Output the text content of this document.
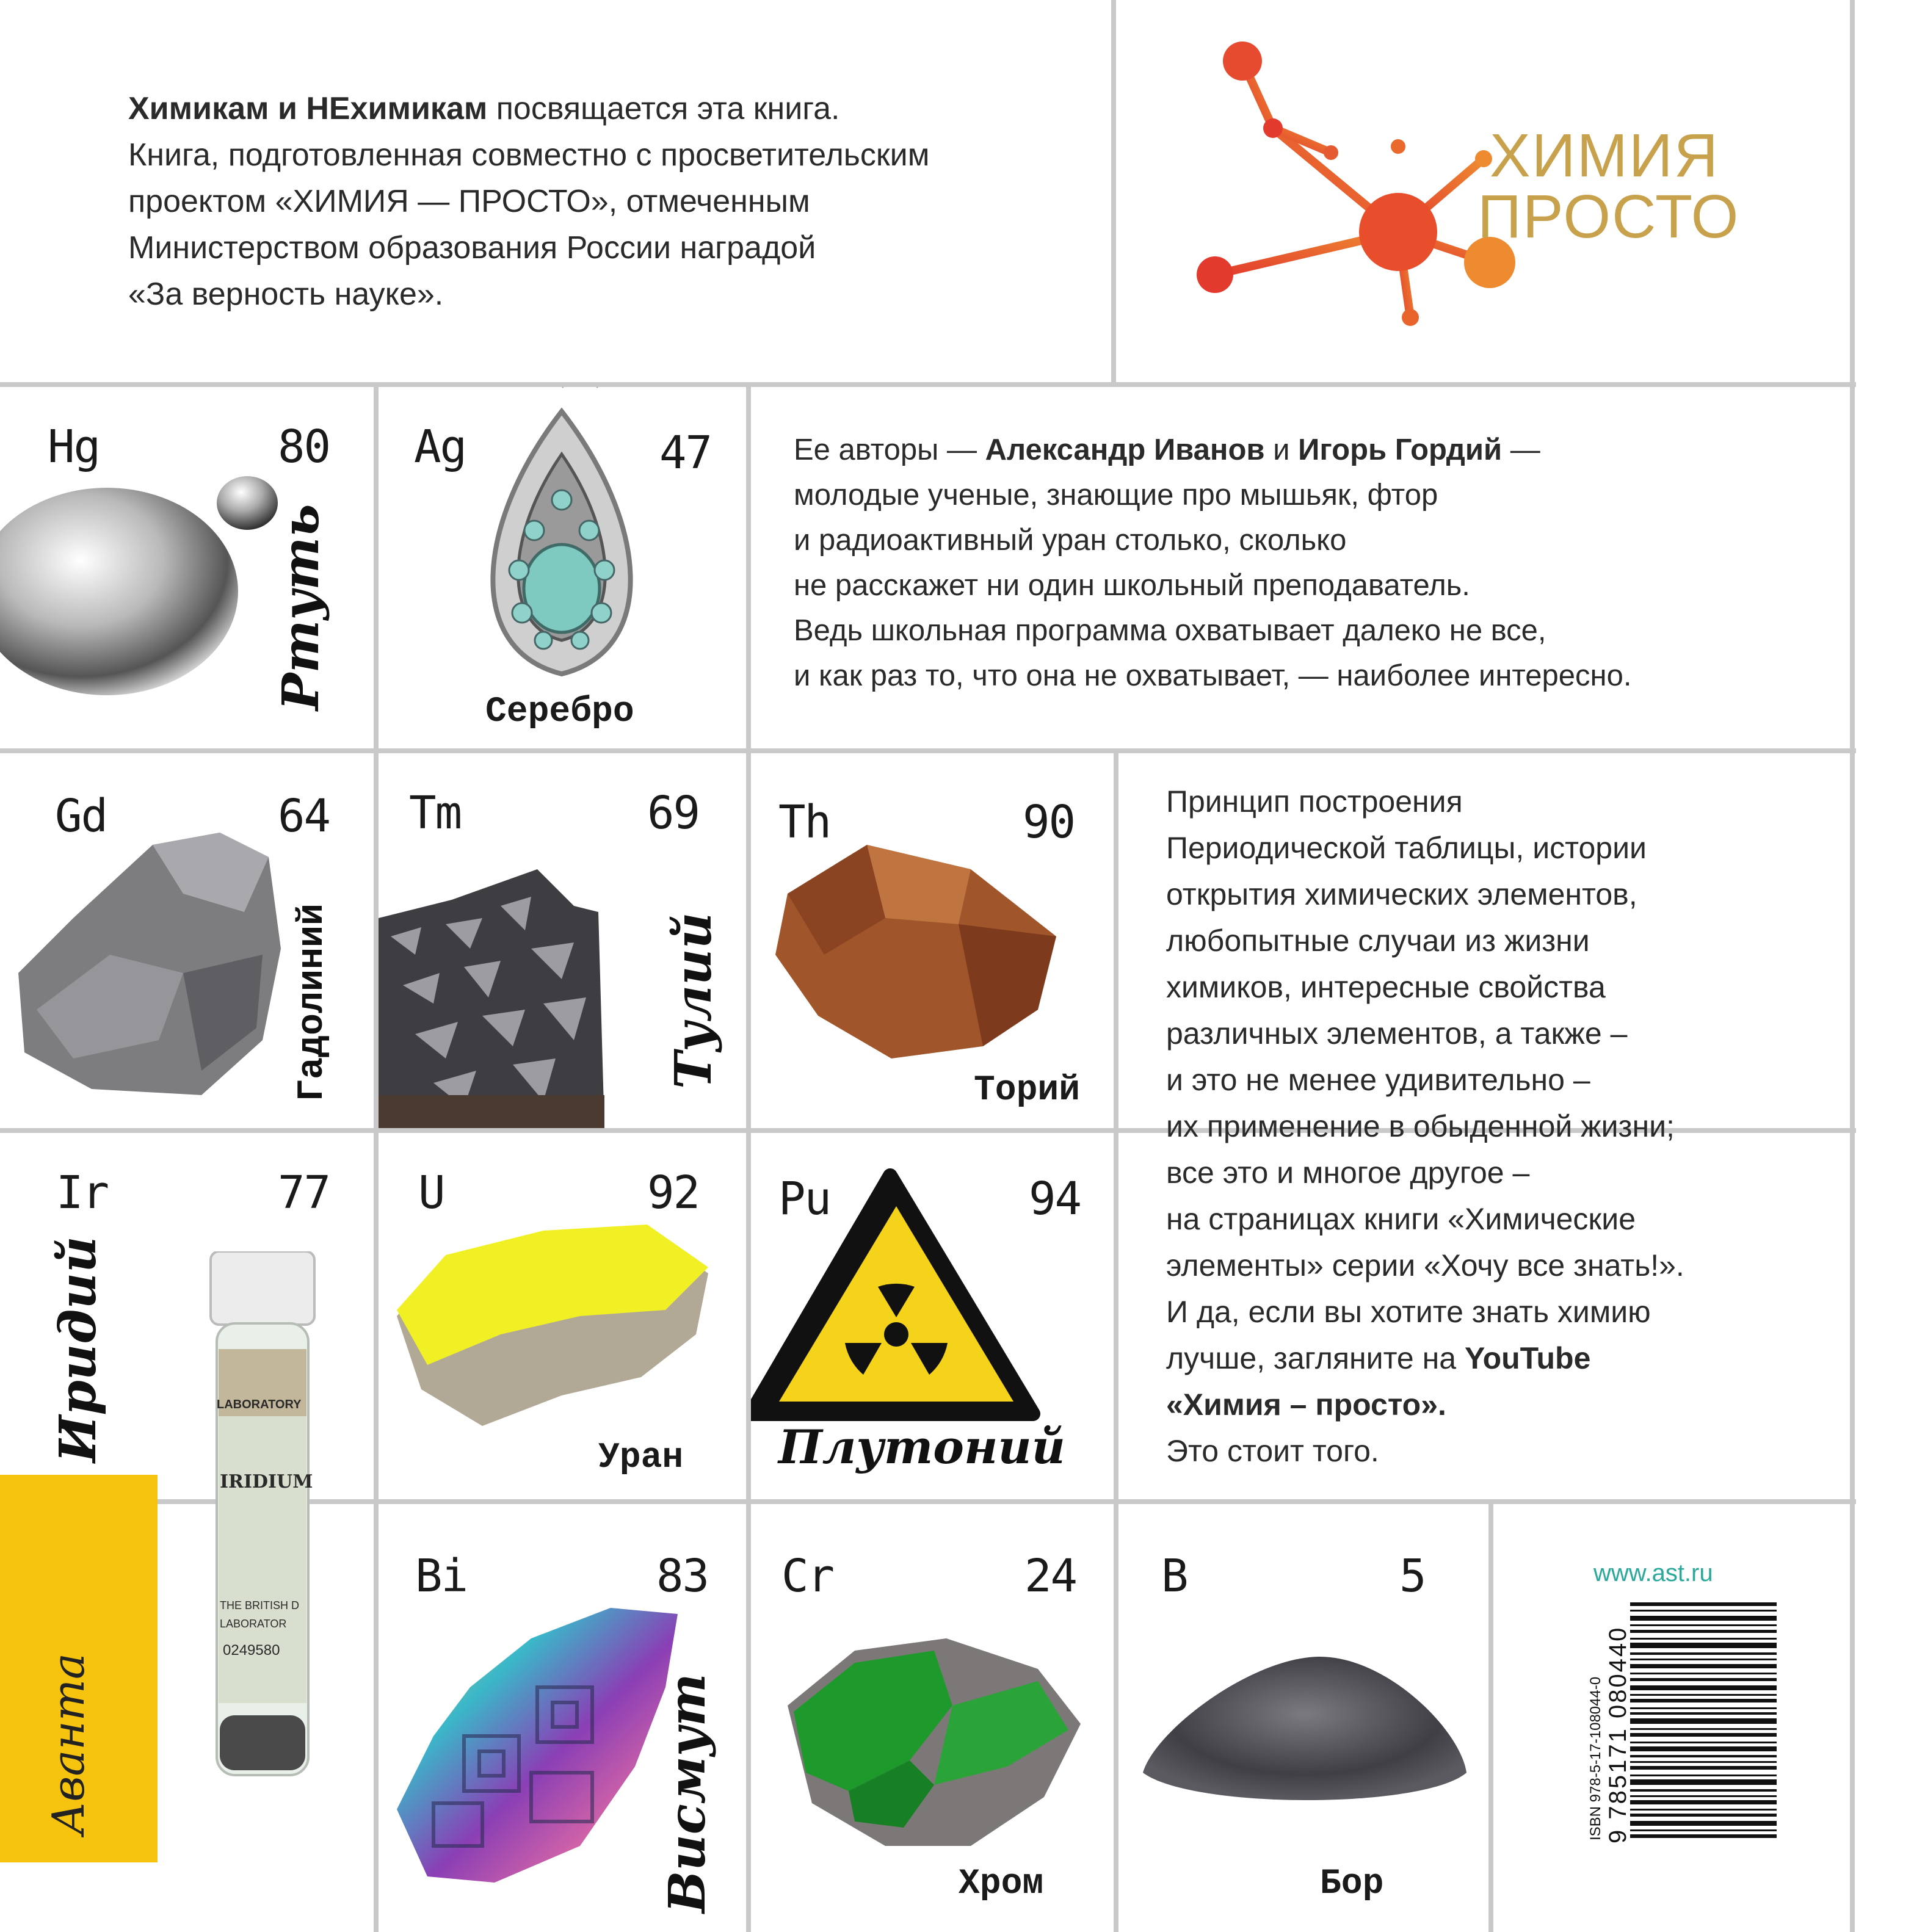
Химикам и НЕхимикам посвящается эта книга.

Книга, подготовленная совместно с просветительским

проектом «ХИМИЯ — ПРОСТО», отмеченным

Министерством образования России наградой

«За верность науке».

ХИМИЯ
ПРОСТО
Hg	80
Ртуть
Ag	47
Серебро

Ее авторы — Александр Иванов и Игорь Гордий —

молодые ученые, знающие про мышьяк, фтор

и радиоактивный уран столько, сколько

не расскажет ни один школьный преподаватель.

Ведь школьная программа охватывает далеко не все,

и как раз то, что она не охватывает, — наиболее интересно.

Gd	64
Гадолиний
Tm	69
Тулий
Th	90
Торий

Принцип построения

Периодической таблицы, истории

открытия химических элементов,

любопытные случаи из жизни

химиков, интересные свойства

различных элементов, а также –

и это не менее удивительно –

их применение в обыденной жизни;

все это и многое другое –

на страницах книги «Химические

элементы» серии «Хочу все знать!».

И да, если вы хотите знать химию

лучше, загляните на YouTube

«Химия – просто».

Это стоит того.

Ir	77
Иридий	LABORATORY
IRIDIUM
THE BRITISH D
LABORATOR
0249580
U	92
Уран
Pu	94
Плутоний
Bi	83
Висмут
Cr	24
Хром
B	5
Бор
Аванта
www.ast.ru
ISBN 978-5-17-108044-0 9 785171 080440
